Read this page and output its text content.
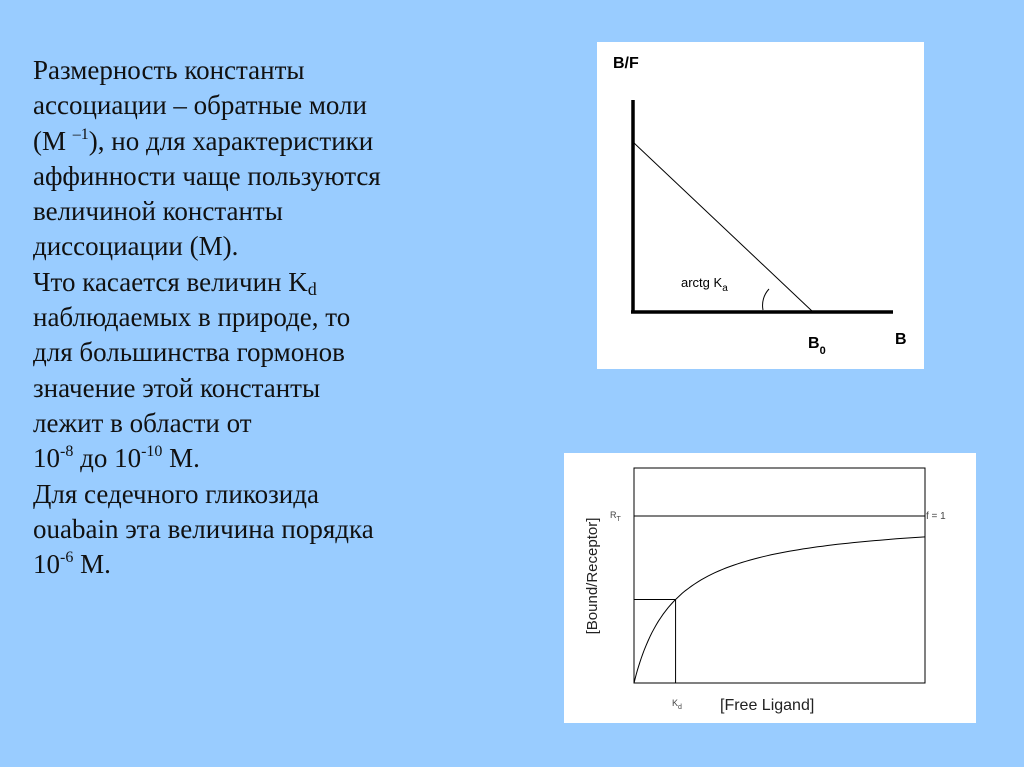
Размерность константы
ассоциации – обратные моли
(M $^{-1}$), но для характеристики
аффинности чаще пользуются
величиной константы
диссоциации (M).
Что касается величин $K_d$
наблюдаемых в природе, то
для большинства гормонов
значение этой константы
лежит в области от
$10^{-8}$ до $10^{-10}$ M.
Для седечного гликозида
ouabain эта величина порядка
$10^{-6}$ M.
B/F
arctg $K_a$
$B_0$
B
$R_T$	f = 1
$K_d$ [Free Ligand]
[Bound/Receptor]
